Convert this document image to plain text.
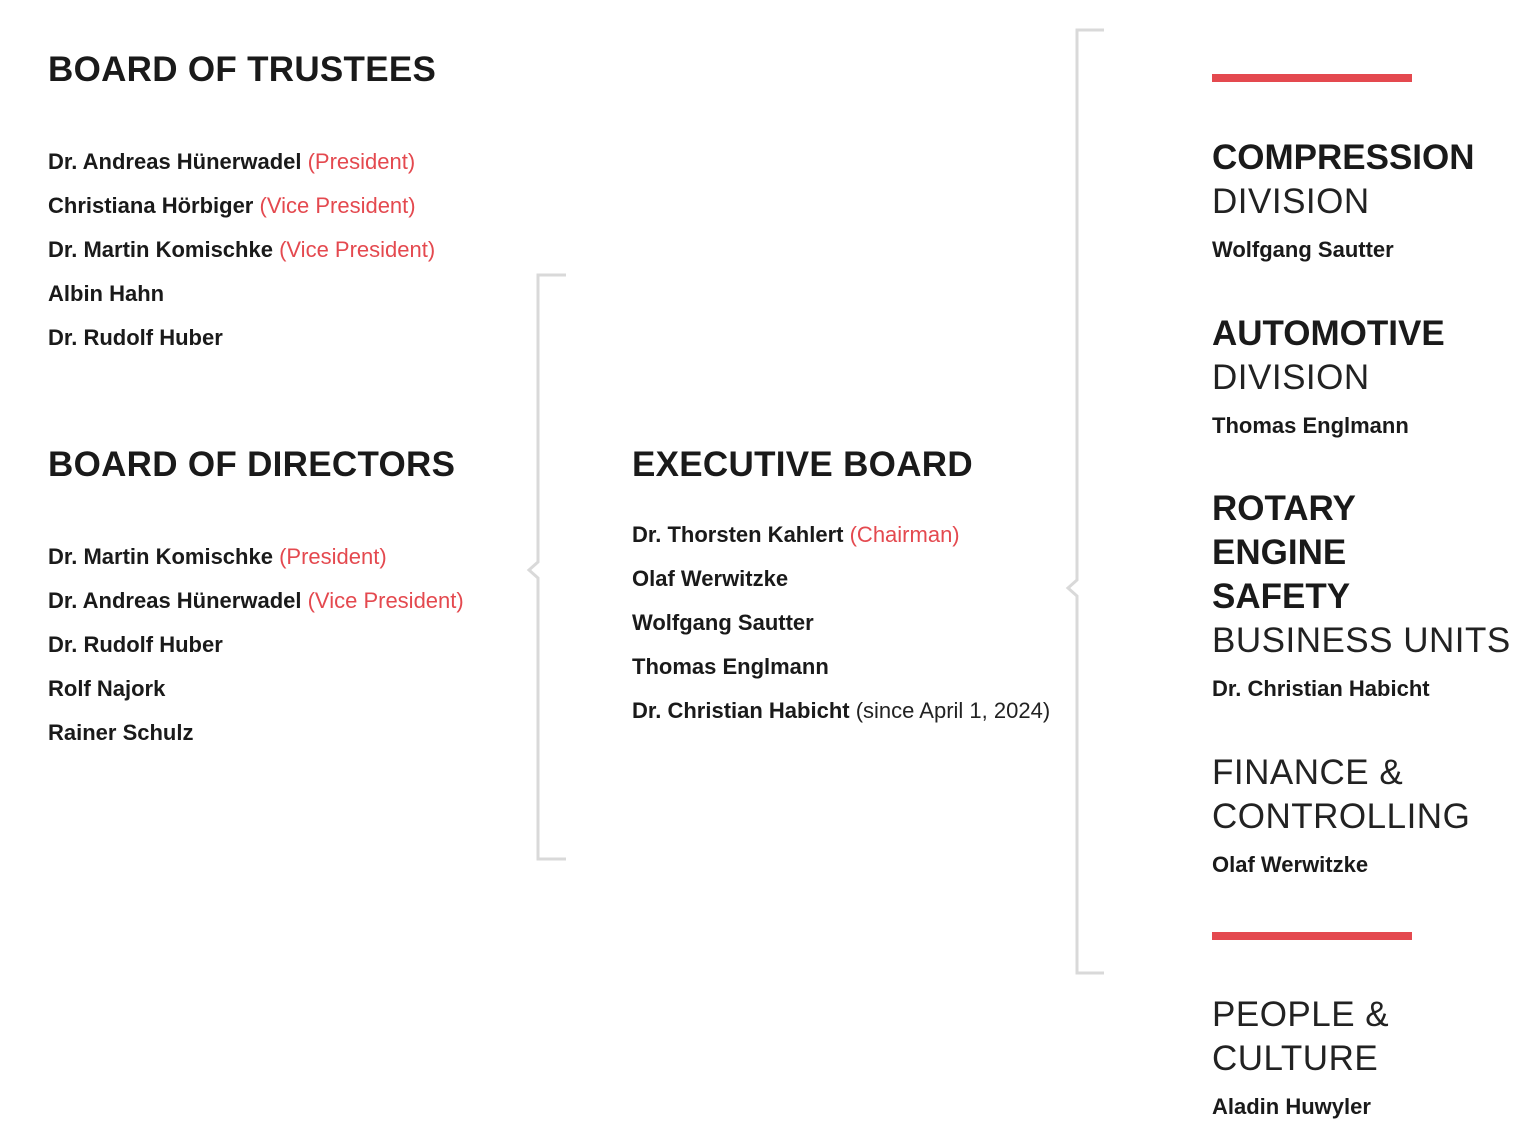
BOARD OF TRUSTEES
Dr. Andreas Hünerwadel (President)
Christiana Hörbiger (Vice President)
Dr. Martin Komischke (Vice President)
Albin Hahn
Dr. Rudolf Huber
BOARD OF DIRECTORS
Dr. Martin Komischke (President)
Dr. Andreas Hünerwadel (Vice President)
Dr. Rudolf Huber
Rolf Najork
Rainer Schulz
EXECUTIVE BOARD
Dr. Thorsten Kahlert (Chairman)
Olaf Werwitzke
Wolfgang Sautter
Thomas Englmann
Dr. Christian Habicht (since April 1, 2024)
COMPRESSION
DIVISION
Wolfgang Sautter
AUTOMOTIVE
DIVISION
Thomas Englmann
ROTARY
ENGINE
SAFETY
BUSINESS UNITS
Dr. Christian Habicht
FINANCE &
CONTROLLING
Olaf Werwitzke
PEOPLE &
CULTURE
Aladin Huwyler
